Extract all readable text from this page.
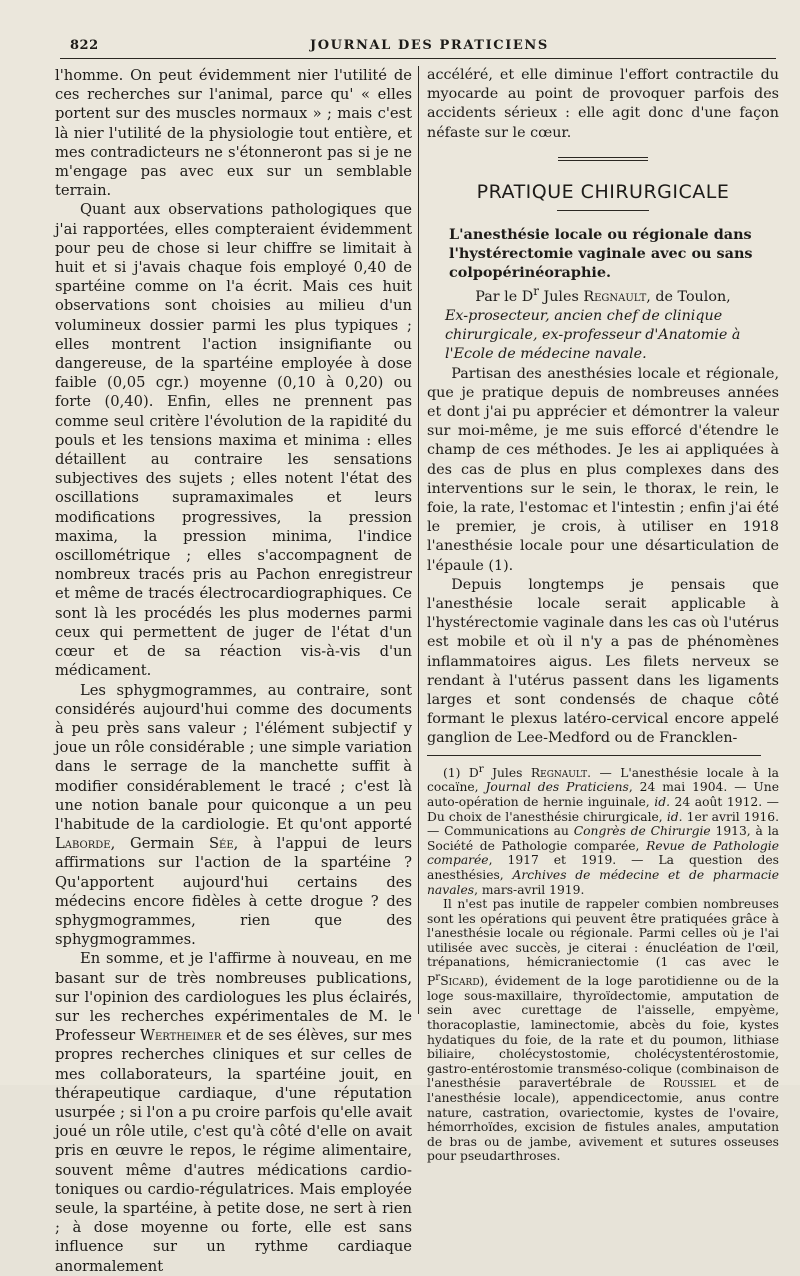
822	JOURNAL DES PRATICIENS

l'homme. On peut évidemment nier l'utilité de ces recherches sur l'animal, parce qu' « elles portent sur des muscles normaux » ; mais c'est là nier l'utilité de la physiologie tout entière, et mes contradicteurs ne s'étonneront pas si je ne m'engage pas avec eux sur un semblable terrain.

Quant aux observations pathologiques que j'ai rapportées, elles compteraient évidemment pour peu de chose si leur chiffre se limitait à huit et si j'avais chaque fois employé 0,40 de spartéine comme on l'a écrit. Mais ces huit observations sont choisies au milieu d'un volumineux dossier parmi les plus typiques ; elles montrent l'action insignifiante ou dangereuse, de la spartéine employée à dose faible (0,05 cgr.) moyenne (0,10 à 0,20) ou forte (0,40). Enfin, elles ne prennent pas comme seul critère l'évolution de la rapidité du pouls et les tensions maxima et minima : elles détaillent au contraire les sensations subjectives des sujets ; elles notent l'état des oscillations supramaximales et leurs modifications progressives, la pression maxima, la pression minima, l'indice oscillométrique ; elles s'accompagnent de nombreux tracés pris au Pachon enregistreur et même de tracés électrocardiographiques. Ce sont là les procédés les plus modernes parmi ceux qui permettent de juger de l'état d'un cœur et de sa réaction vis-à-vis d'un médicament.

Les sphygmogrammes, au contraire, sont considérés aujourd'hui comme des documents à peu près sans valeur ; l'élément subjectif y joue un rôle considérable ; une simple variation dans le serrage de la manchette suffit à modifier considérablement le tracé ; c'est là une notion banale pour quiconque a un peu l'habitude de la cardiologie. Et qu'ont apporté Laborde, Germain Sée, à l'appui de leurs affirmations sur l'action de la spartéine ? Qu'apportent aujourd'hui certains des médecins encore fidèles à cette drogue ? des sphygmogrammes, rien que des sphygmogrammes.

En somme, et je l'affirme à nouveau, en me basant sur de très nombreuses publications, sur l'opinion des cardiologues les plus éclairés, sur les recherches expérimentales de M. le Professeur Wertheimer et de ses élèves, sur mes propres recherches cliniques et sur celles de mes collaborateurs, la spartéine jouit, en thérapeutique cardiaque, d'une réputation usurpée ; si l'on a pu croire parfois qu'elle avait joué un rôle utile, c'est qu'à côté d'elle on avait pris en œuvre le repos, le régime alimentaire, souvent même d'autres médications cardio-toniques ou cardio-régulatrices. Mais employée seule, la spartéine, à petite dose, ne sert à rien ; à dose moyenne ou forte, elle est sans influence sur un rythme cardiaque anormalement

accéléré, et elle diminue l'effort contractile du myocarde au point de provoquer parfois des accidents sérieux : elle agit donc d'une façon néfaste sur le cœur.

PRATIQUE CHIRURGICALE

L'anesthésie locale ou régionale dans l'hystérectomie vaginale avec ou sans colpopérinéoraphie.

Par le $D^r$ Jules Regnault, de Toulon,

Ex-prosecteur, ancien chef de clinique chirurgicale, ex-professeur d'Anatomie à l'Ecole de médecine navale.

Partisan des anesthésies locale et régionale, que je pratique depuis de nombreuses années et dont j'ai pu apprécier et démontrer la valeur sur moi-même, je me suis efforcé d'étendre le champ de ces méthodes. Je les ai appliquées à des cas de plus en plus complexes dans des interventions sur le sein, le thorax, le rein, le foie, la rate, l'estomac et l'intestin ; enfin j'ai été le premier, je crois, à utiliser en 1918 l'anesthésie locale pour une désarticulation de l'épaule (1).

Depuis longtemps je pensais que l'anesthésie locale serait applicable à l'hystérectomie vaginale dans les cas où l'utérus est mobile et où il n'y a pas de phénomènes inflammatoires aigus. Les filets nerveux se rendant à l'utérus passent dans les ligaments larges et sont condensés de chaque côté formant le plexus latéro-cervical encore appelé ganglion de Lee-Medford ou de Francklen-

(1) $D^r$ Jules Regnault. — L'anesthésie locale à la cocaïne, Journal des Praticiens, 24 mai 1904. — Une auto-opération de hernie inguinale, id. 24 août 1912. — Du choix de l'anesthésie chirurgicale, id. 1er avril 1916. — Communications au Congrès de Chirurgie 1913, à la Société de Pathologie comparée, Revue de Pathologie comparée, 1917 et 1919. — La question des anesthésies, Archives de médecine et de pharmacie navales, mars-avril 1919.

Il n'est pas inutile de rappeler combien nombreuses sont les opérations qui peuvent être pratiquées grâce à l'anesthésie locale ou régionale. Parmi celles où je l'ai utilisée avec succès, je citerai : énucléation de l'œil, trépanations, hémicraniectomie (1 cas avec le $P^rSicard$), évidement de la loge parotidienne ou de la loge sous-maxillaire, thyroïdectomie, amputation de sein avec curettage de l'aisselle, empyème, thoracoplastie, laminectomie, abcès du foie, kystes hydatiques du foie, de la rate et du poumon, lithiase biliaire, cholécystostomie, cholécystentérostomie, gastro-entérostomie transméso-colique (combinaison de l'anesthésie paravertébrale de Roussiel et de l'anesthésie locale), appendicectomie, anus contre nature, castration, ovariectomie, kystes de l'ovaire, hémorrhoïdes, excision de fistules anales, amputation de bras ou de jambe, avivement et sutures osseuses pour pseudarthroses.
